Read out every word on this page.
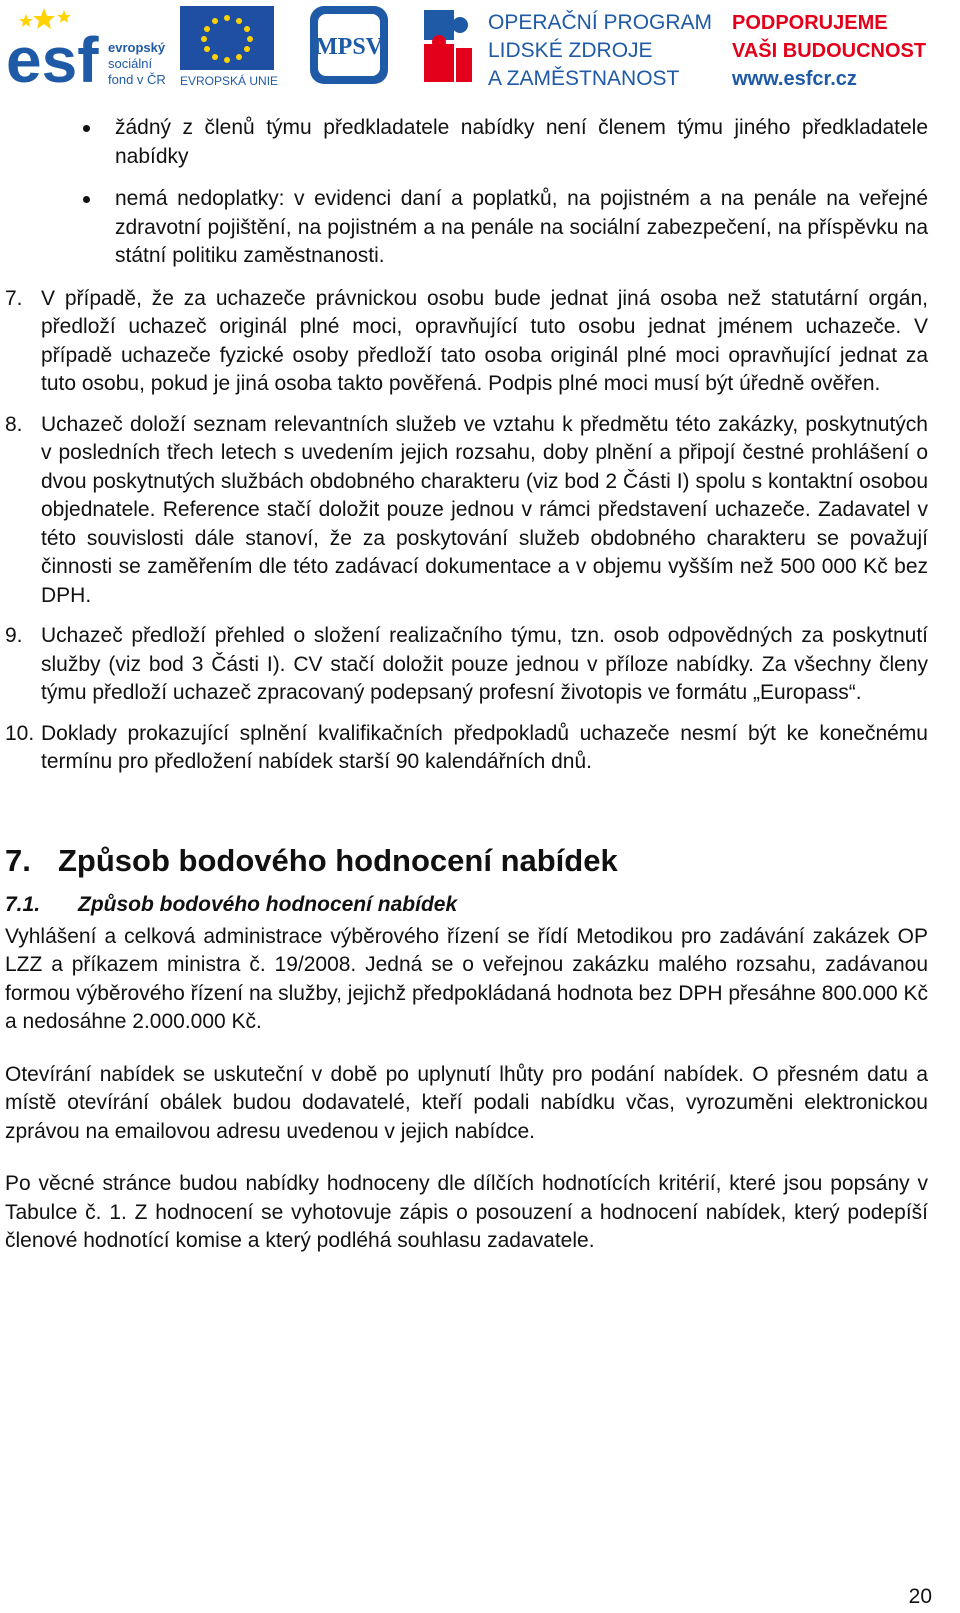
esf evropský
sociální
fond v ČR EVROPSKÁ UNIE
MPSV
OPERAČNÍ PROGRAM
LIDSKÉ ZDROJE
A ZAMĚSTNANOST
PODPORUJEME
VAŠI BUDOUCNOST
www.esfcr.cz
žádný z členů týmu předkladatele nabídky není členem týmu jiného předkladatele nabídky
nemá nedoplatky: v evidenci daní a poplatků, na pojistném a na penále na veřejné zdravotní pojištění, na pojistném a na penále na sociální zabezpečení, na příspěvku na státní politiku zaměstnanosti.
7. V případě, že za uchazeče právnickou osobu bude jednat jiná osoba než statutární orgán, předloží uchazeč originál plné moci, opravňující tuto osobu jednat jménem uchazeče. V případě uchazeče fyzické osoby předloží tato osoba originál plné moci opravňující jednat za tuto osobu, pokud je jiná osoba takto pověřená. Podpis plné moci musí být úředně ověřen.
8. Uchazeč doloží seznam relevantních služeb ve vztahu k předmětu této zakázky, poskytnutých v posledních třech letech s uvedením jejich rozsahu, doby plnění a připojí čestné prohlášení o dvou poskytnutých službách obdobného charakteru (viz bod 2 Části I) spolu s kontaktní osobou objednatele. Reference stačí doložit pouze jednou v rámci představení uchazeče. Zadavatel v této souvislosti dále stanoví, že za poskytování služeb obdobného charakteru se považují činnosti se zaměřením dle této zadávací dokumentace a v objemu vyšším než 500 000 Kč bez DPH.
9. Uchazeč předloží přehled o složení realizačního týmu, tzn. osob odpovědných za poskytnutí služby (viz bod 3 Části I). CV stačí doložit pouze jednou v příloze nabídky. Za všechny členy týmu předloží uchazeč zpracovaný podepsaný profesní životopis ve formátu „Europass“.
10. Doklady prokazující splnění kvalifikačních předpokladů uchazeče nesmí být ke konečnému termínu pro předložení nabídek starší 90 kalendářních dnů.
7. Způsob bodového hodnocení nabídek
7.1. Způsob bodového hodnocení nabídek

Vyhlášení a celková administrace výběrového řízení se řídí Metodikou pro zadávání zakázek OP LZZ a příkazem ministra č. 19/2008. Jedná se o veřejnou zakázku malého rozsahu, zadávanou formou výběrového řízení na služby, jejichž předpokládaná hodnota bez DPH přesáhne 800.000 Kč a nedosáhne 2.000.000 Kč.

Otevírání nabídek se uskuteční v době po uplynutí lhůty pro podání nabídek. O přesném datu a místě otevírání obálek budou dodavatelé, kteří podali nabídku včas, vyrozuměni elektronickou zprávou na emailovou adresu uvedenou v jejich nabídce.

Po věcné stránce budou nabídky hodnoceny dle dílčích hodnotících kritérií, které jsou popsány v Tabulce č. 1. Z hodnocení se vyhotovuje zápis o posouzení a hodnocení nabídek, který podepíší členové hodnotící komise a který podléhá souhlasu zadavatele.

20
